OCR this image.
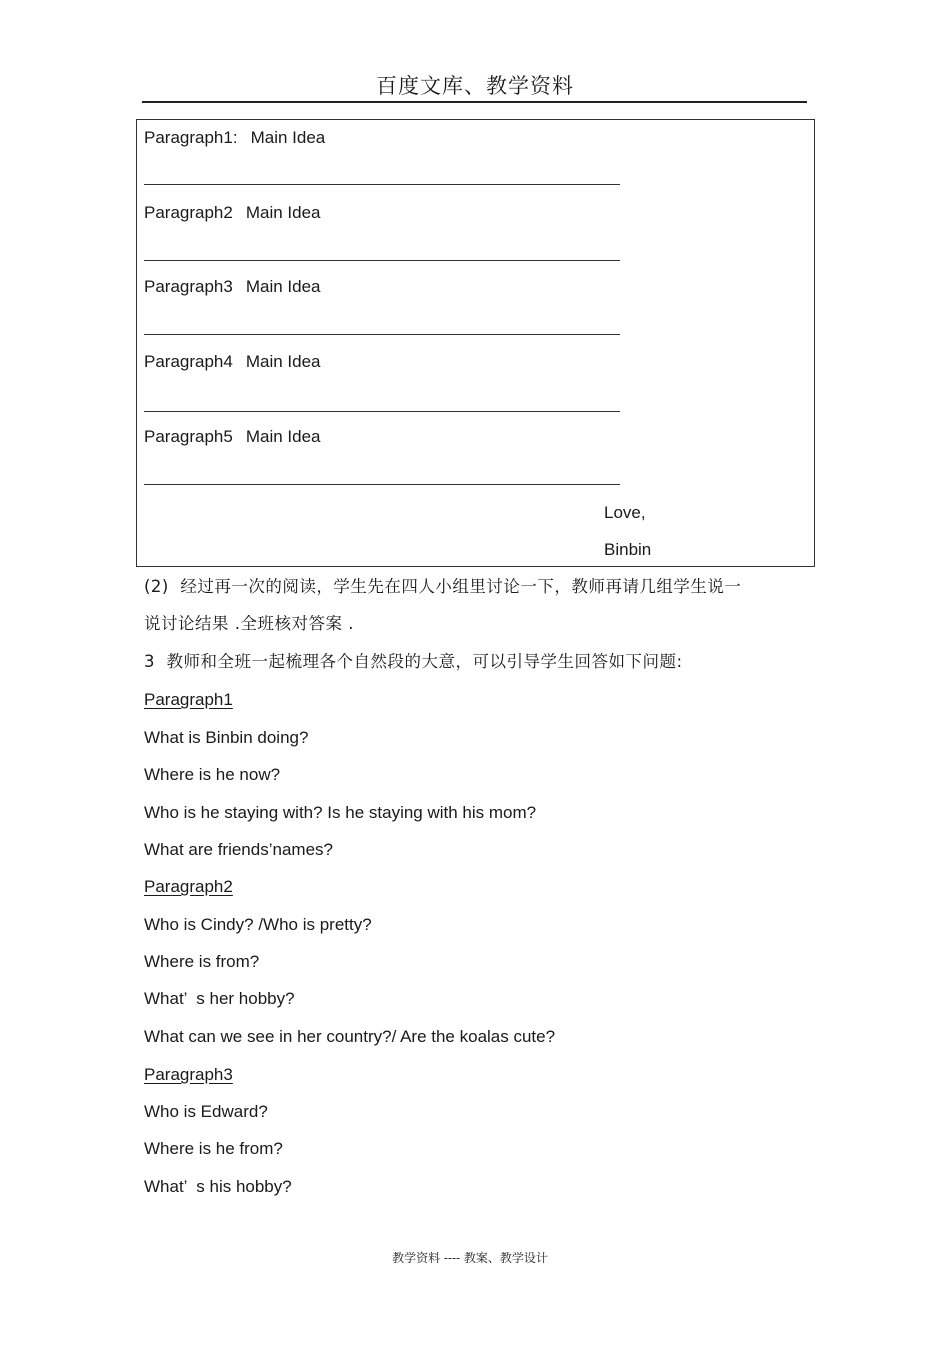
百度文库、教学资料
Paragraph1: Main Idea
Paragraph2 Main Idea
Paragraph3 Main Idea
Paragraph4 Main Idea
Paragraph5 Main Idea
Love,
Binbin
(2)  经过再一次的阅读，学生先在四人小组里讨论一下，教师再请几组学生说一
说讨论结果 .全班核对答案 .
3  教师和全班一起梳理各个自然段的大意，可以引导学生回答如下问题:
Paragraph1
What is Binbin doing?
Where is he now?
Who is he staying with? Is he staying with his mom?
What are friends’names?
Paragraph2
Who is Cindy? /Who is pretty?
Where is from?
What’  s her hobby?
What can we see in her country?/ Are the koalas cute?
Paragraph3
Who is Edward?
Where is he from?
What’  s his hobby?
教学资料 ---- 教案、教学设计
